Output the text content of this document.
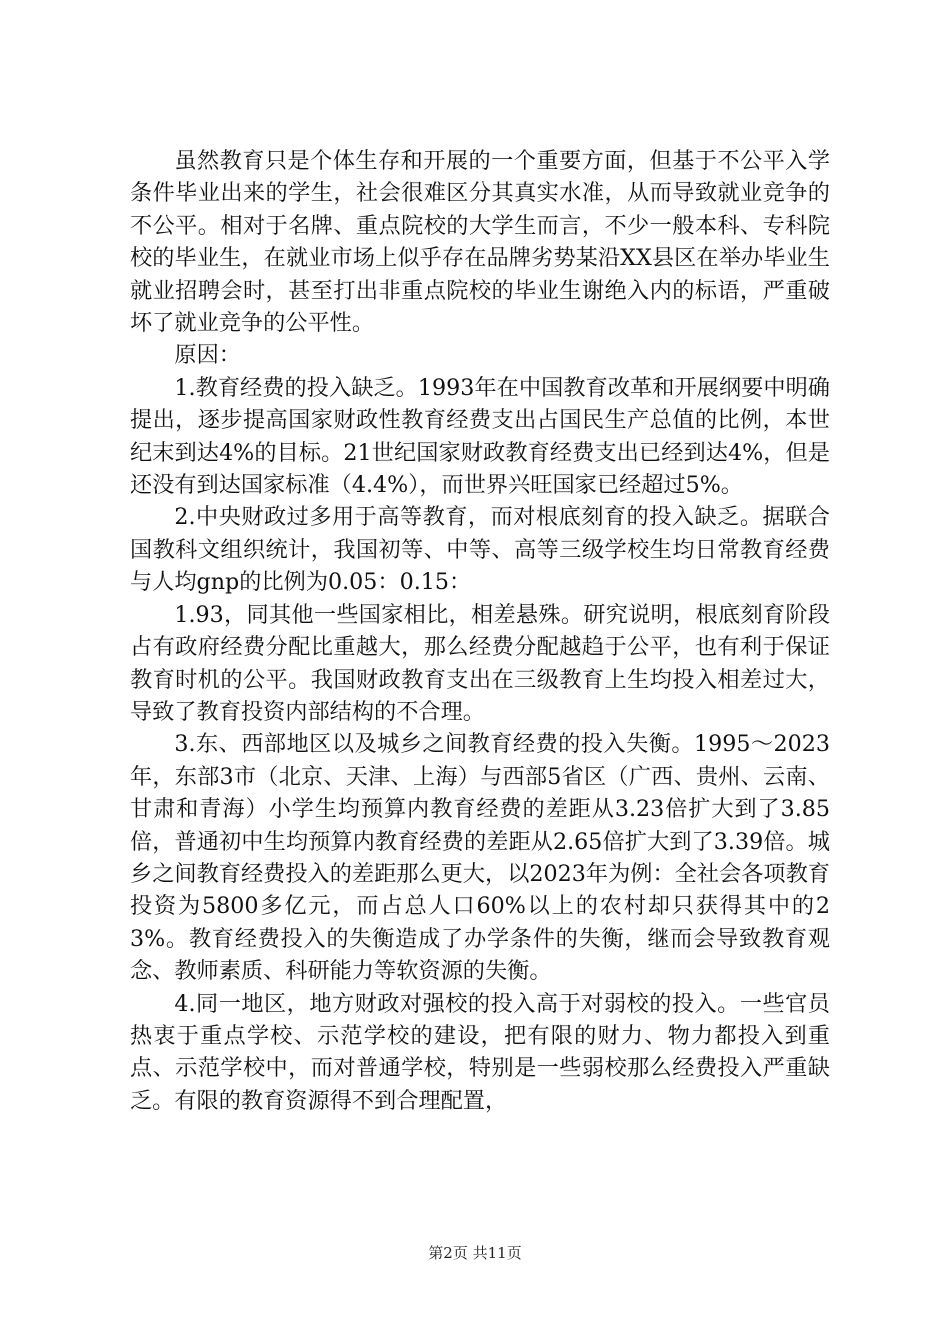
虽然教育只是个体生存和开展的一个重要方面，但基于不公平入学条件毕业出来的学生，社会很难区分其真实水准，从而导致就业竞争的不公平。相对于名牌、重点院校的大学生而言，不少一般本科、专科院校的毕业生，在就业市场上似乎存在品牌劣势某沿XX县区在举办毕业生就业招聘会时，甚至打出非重点院校的毕业生谢绝入内的标语，严重破坏了就业竞争的公平性。

原因：

1.教育经费的投入缺乏。1993年在中国教育改革和开展纲要中明确提出，逐步提高国家财政性教育经费支出占国民生产总值的比例，本世纪末到达4%的目标。21世纪国家财政教育经费支出已经到达4%，但是还没有到达国家标准（4.4%），而世界兴旺国家已经超过5%。

2.中央财政过多用于高等教育，而对根底刻育的投入缺乏。据联合国教科文组织统计，我国初等、中等、高等三级学校生均日常教育经费与人均gnp的比例为0.05：0.15：

1.93，同其他一些国家相比，相差悬殊。研究说明，根底刻育阶段占有政府经费分配比重越大，那么经费分配越趋于公平，也有利于保证教育时机的公平。我国财政教育支出在三级教育上生均投入相差过大，导致了教育投资内部结构的不合理。

3.东、西部地区以及城乡之间教育经费的投入失衡。1995～2023年，东部3市（北京、天津、上海）与西部5省区（广西、贵州、云南、甘肃和青海）小学生均预算内教育经费的差距从3.23倍扩大到了3.85倍，普通初中生均预算内教育经费的差距从2.65倍扩大到了3.39倍。城乡之间教育经费投入的差距那么更大，以2023年为例：全社会各项教育投资为5800多亿元，而占总人口60%以上的农村却只获得其中的23%。教育经费投入的失衡造成了办学条件的失衡，继而会导致教育观念、教师素质、科研能力等软资源的失衡。

4.同一地区，地方财政对强校的投入高于对弱校的投入。一些官员热衷于重点学校、示范学校的建设，把有限的财力、物力都投入到重点、示范学校中，而对普通学校，特别是一些弱校那么经费投入严重缺乏。有限的教育资源得不到合理配置，

第2页 共11页
